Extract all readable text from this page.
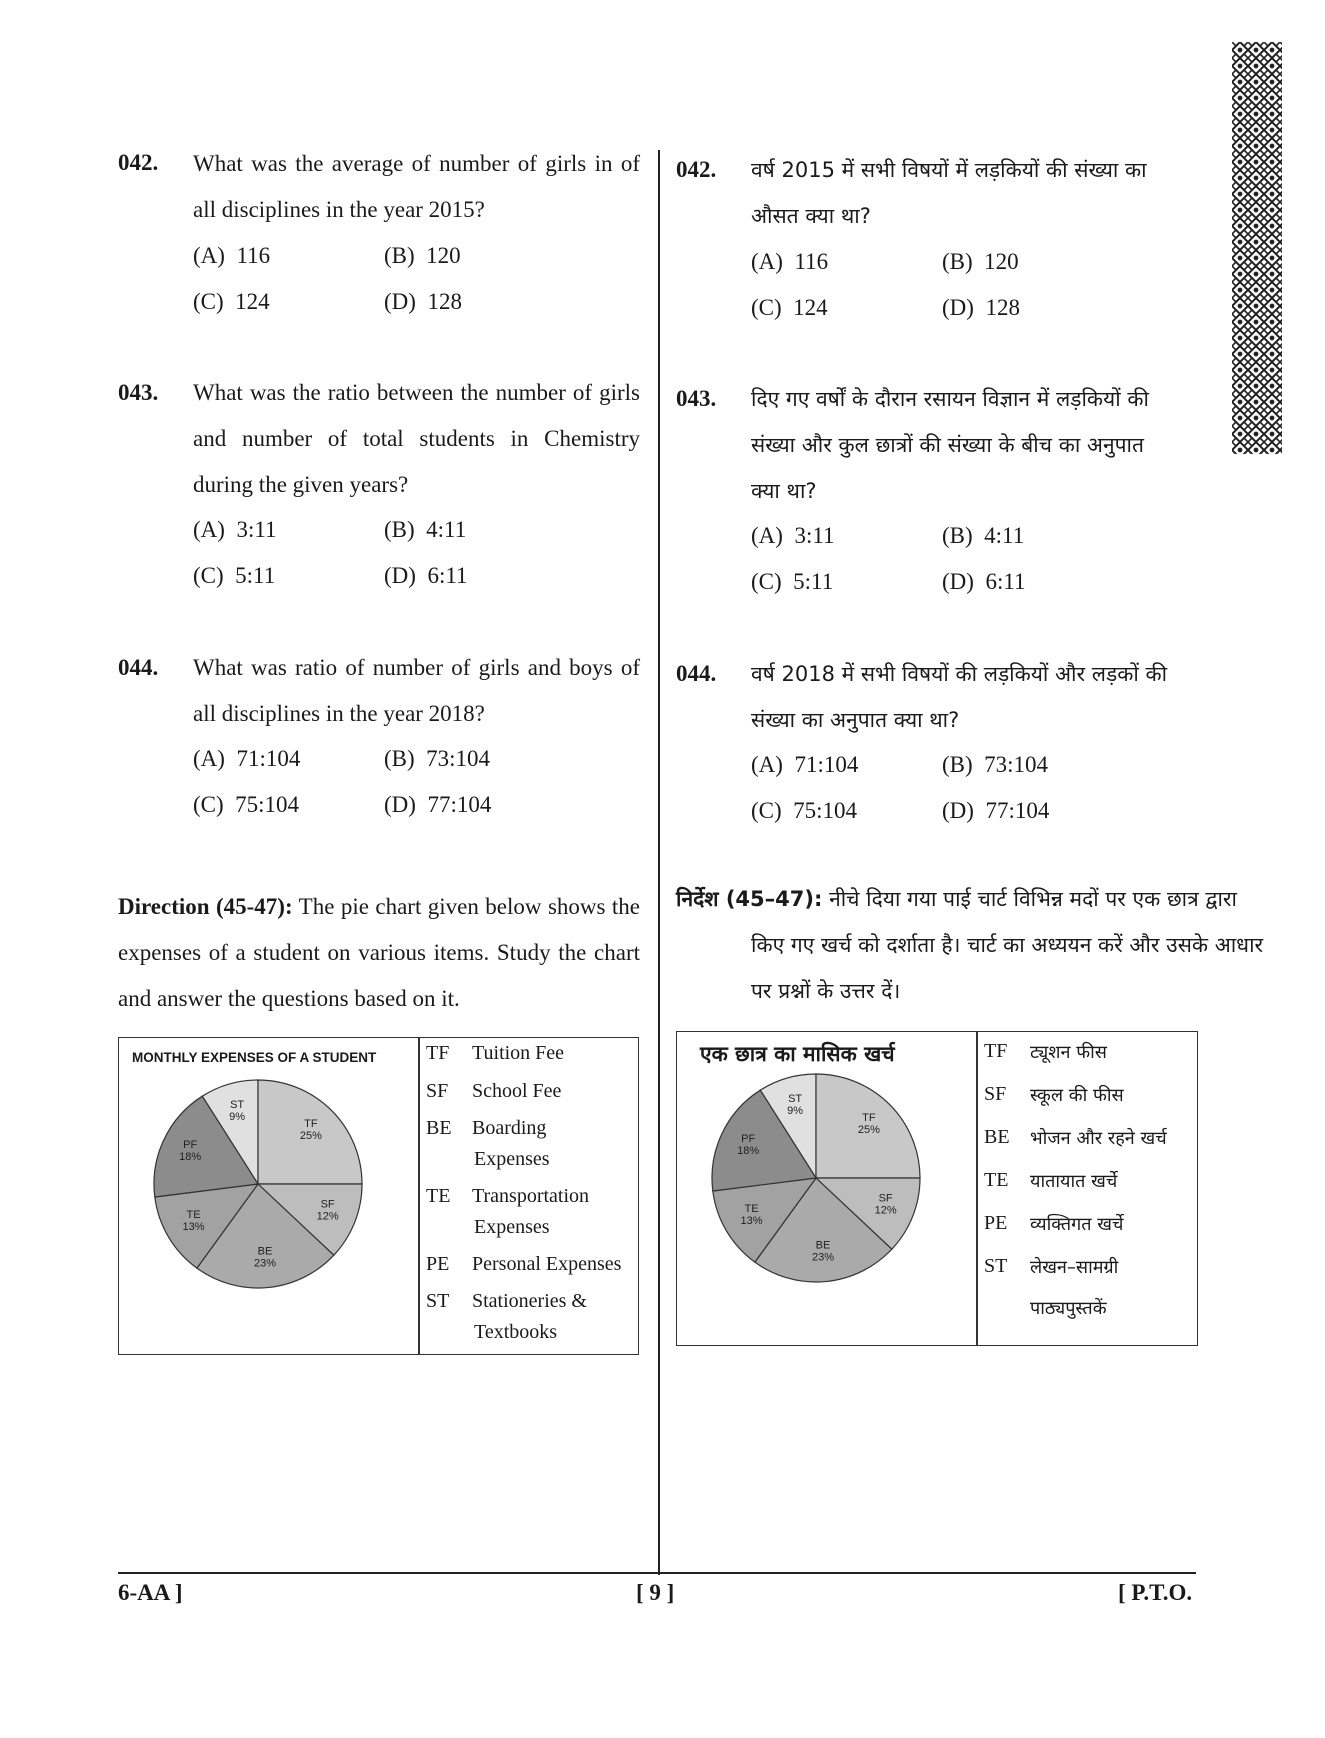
042. What was the average of number of girls in of all disciplines in the year 2015?
(A) 116	(B) 120
(C) 124	(D) 128
043. What was the ratio between the number of girls and number of total students in Chemistry during the given years?
(A) 3:11	(B) 4:11
(C) 5:11	(D) 6:11
044. What was ratio of number of girls and boys of all disciplines in the year 2018?
(A) 71:104	(B) 73:104
(C) 75:104	(D) 77:104
Direction (45-47): The pie chart given below shows the expenses of a student on various items. Study the chart and answer the questions based on it.
MONTHLY EXPENSES OF A STUDENT
ST 9%
TF 25%
SF 12%
BE 23%
TE 13%
PF 18%
TF Tuition Fee
SF School Fee
BE Boarding
Expenses
TE Transportation
Expenses
PE Personal Expenses
ST Stationeries &
Textbooks
042. वर्ष 2015 में सभी विषयों में लड़कियों की संख्या का औसत क्या था?
(A) 116	(B) 120
(C) 124	(D) 128
043. दिए गए वर्षों के दौरान रसायन विज्ञान में लड़कियों की संख्या और कुल छात्रों की संख्या के बीच का अनुपात क्या था?
(A) 3:11	(B) 4:11
(C) 5:11	(D) 6:11
044. वर्ष 2018 में सभी विषयों की लड़कियों और लड़कों की संख्या का अनुपात क्या था?
(A) 71:104	(B) 73:104
(C) 75:104	(D) 77:104
निर्देश (45–47): नीचे दिया गया पाई चार्ट विभिन्न मदों पर एक छात्र द्वारा किए गए खर्च को दर्शाता है। चार्ट का अध्ययन करें और उसके आधार पर प्रश्नों के उत्तर दें।
एक छात्र का मासिक खर्च
ST 9%
TF 25%
SF 12%
BE 23%
TE 13%
PF 18%
TF ट्यूशन फीस
SF स्कूल की फीस
BE भोजन और रहने खर्च
TE यातायात खर्चे
PE व्यक्तिगत खर्चे
ST लेखन–सामग्री
पाठ्यपुस्तकें
6-AA ]	[ 9 ]	[ P.T.O.
